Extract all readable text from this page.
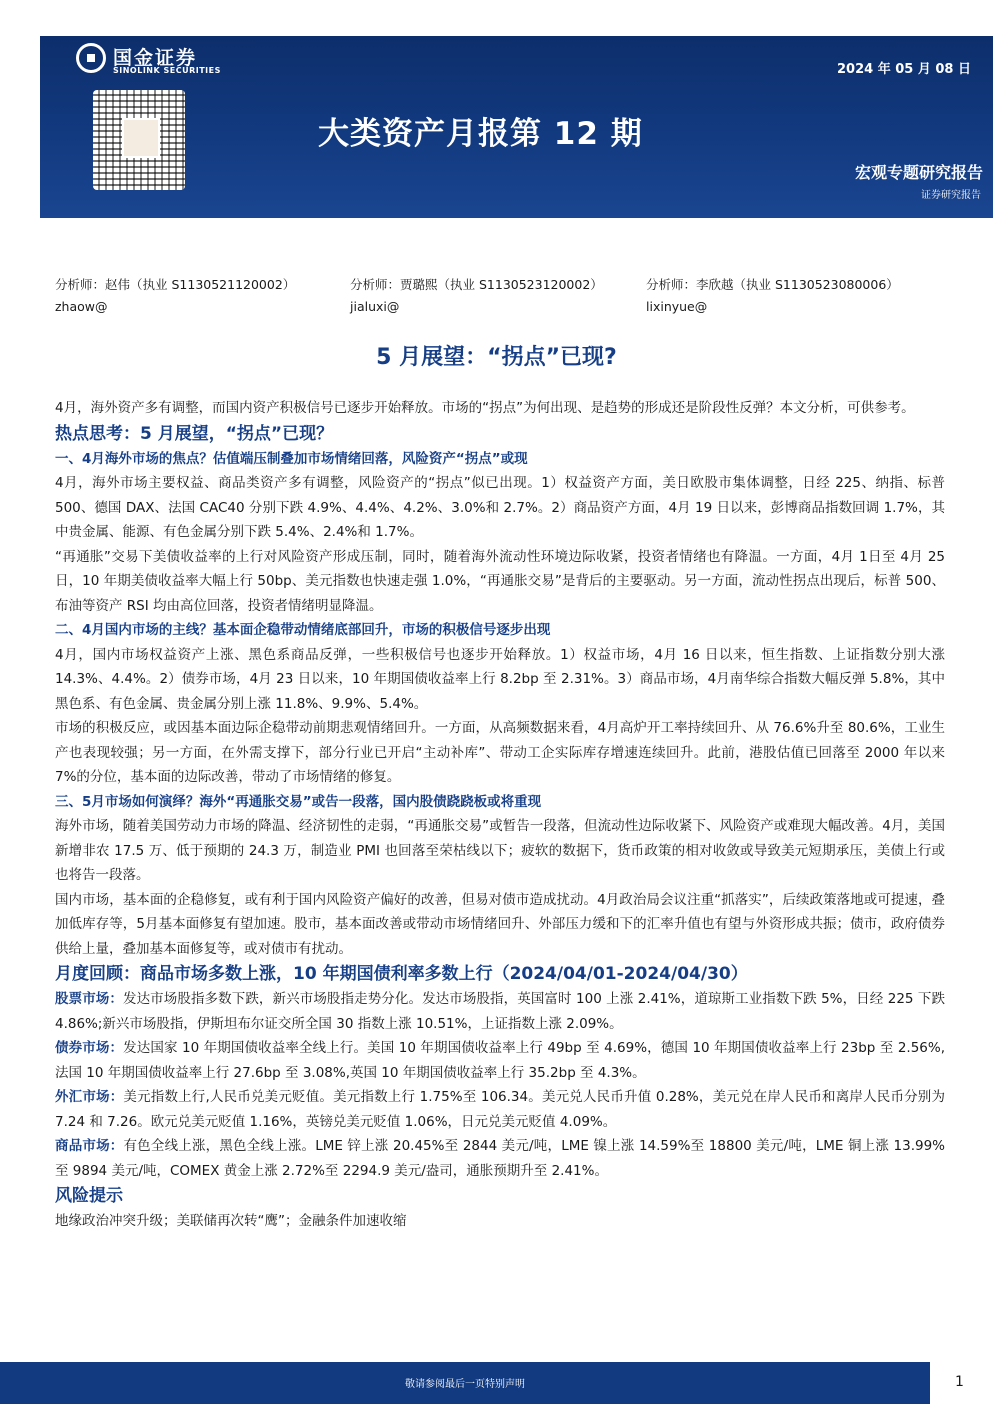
国金证券
SINOLINK SECURITIES	2024 年 05 月 08 日
大类资产月报第 12 期
宏观专题研究报告
证券研究报告
分析师：赵伟（执业 S1130521120002）
zhaow@
分析师：贾璐熙（执业 S1130523120002）
jialuxi@
分析师：李欣越（执业 S1130523080006）
lixinyue@
5 月展望：“拐点”已现?

4月，海外资产多有调整，而国内资产积极信号已逐步开始释放。市场的“拐点”为何出现、是趋势的形成还是阶段性反弹？本文分析，可供参考。

热点思考：5 月展望，“拐点”已现？

一、4月海外市场的焦点？估值端压制叠加市场情绪回落，风险资产“拐点”或现

4月，海外市场主要权益、商品类资产多有调整，风险资产的“拐点”似已出现。1）权益资产方面，美日欧股市集体调整，日经 225、纳指、标普 500、德国 DAX、法国 CAC40 分别下跌 4.9%、4.4%、4.2%、3.0%和 2.7%。2）商品资产方面，4月 19 日以来，彭博商品指数回调 1.7%，其中贵金属、能源、有色金属分别下跌 5.4%、2.4%和 1.7%。

“再通胀”交易下美债收益率的上行对风险资产形成压制，同时，随着海外流动性环境边际收紧，投资者情绪也有降温。一方面，4月 1日至 4月 25 日，10 年期美债收益率大幅上行 50bp、美元指数也快速走强 1.0%，“再通胀交易”是背后的主要驱动。另一方面，流动性拐点出现后，标普 500、布油等资产 RSI 均由高位回落，投资者情绪明显降温。

二、4月国内市场的主线？基本面企稳带动情绪底部回升，市场的积极信号逐步出现

4月，国内市场权益资产上涨、黑色系商品反弹，一些积极信号也逐步开始释放。1）权益市场，4月 16 日以来，恒生指数、上证指数分别大涨 14.3%、4.4%。2）债券市场，4月 23 日以来，10 年期国债收益率上行 8.2bp 至 2.31%。3）商品市场，4月南华综合指数大幅反弹 5.8%，其中黑色系、有色金属、贵金属分别上涨 11.8%、9.9%、5.4%。

市场的积极反应，或因基本面边际企稳带动前期悲观情绪回升。一方面，从高频数据来看，4月高炉开工率持续回升、从 76.6%升至 80.6%，工业生产也表现较强；另一方面，在外需支撑下，部分行业已开启“主动补库”、带动工企实际库存增速连续回升。此前，港股估值已回落至 2000 年以来 7%的分位，基本面的边际改善，带动了市场情绪的修复。

三、5月市场如何演绎？海外“再通胀交易”或告一段落，国内股债跷跷板或将重现

海外市场，随着美国劳动力市场的降温、经济韧性的走弱，“再通胀交易”或暂告一段落，但流动性边际收紧下、风险资产或难现大幅改善。4月，美国新增非农 17.5 万、低于预期的 24.3 万，制造业 PMI 也回落至荣枯线以下；疲软的数据下，货币政策的相对收敛或导致美元短期承压，美债上行或也将告一段落。

国内市场，基本面的企稳修复，或有利于国内风险资产偏好的改善，但易对债市造成扰动。4月政治局会议注重“抓落实”，后续政策落地或可提速，叠加低库存等，5月基本面修复有望加速。股市，基本面改善或带动市场情绪回升、外部压力缓和下的汇率升值也有望与外资形成共振；债市，政府债券供给上量，叠加基本面修复等，或对债市有扰动。

月度回顾：商品市场多数上涨，10 年期国债利率多数上行（2024/04/01-2024/04/30）

股票市场：发达市场股指多数下跌，新兴市场股指走势分化。发达市场股指，英国富时 100 上涨 2.41%，道琼斯工业指数下跌 5%，日经 225 下跌 4.86%;新兴市场股指，伊斯坦布尔证交所全国 30 指数上涨 10.51%，上证指数上涨 2.09%。

债券市场：发达国家 10 年期国债收益率全线上行。美国 10 年期国债收益率上行 49bp 至 4.69%，德国 10 年期国债收益率上行 23bp 至 2.56%,法国 10 年期国债收益率上行 27.6bp 至 3.08%,英国 10 年期国债收益率上行 35.2bp 至 4.3%。

外汇市场：美元指数上行,人民币兑美元贬值。美元指数上行 1.75%至 106.34。美元兑人民币升值 0.28%，美元兑在岸人民币和离岸人民币分别为 7.24 和 7.26。欧元兑美元贬值 1.16%，英镑兑美元贬值 1.06%，日元兑美元贬值 4.09%。

商品市场：有色全线上涨，黑色全线上涨。LME 锌上涨 20.45%至 2844 美元/吨，LME 镍上涨 14.59%至 18800 美元/吨，LME 铜上涨 13.99%至 9894 美元/吨，COMEX 黄金上涨 2.72%至 2294.9 美元/盎司，通胀预期升至 2.41%。

风险提示

地缘政治冲突升级；美联储再次转“鹰”；金融条件加速收缩

敬请参阅最后一页特别声明	1
